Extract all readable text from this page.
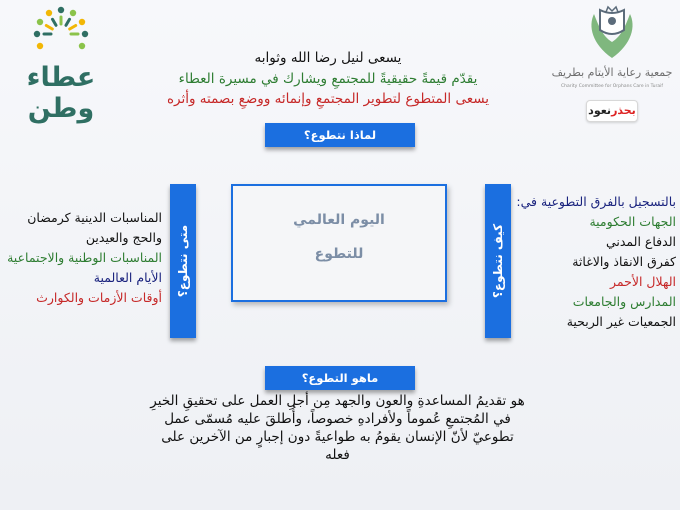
عطاء وطن
جمعية رعاية الأيتام بطريف
Charity Committee for Orphans Care in Turaif
بحذرنعود
يسعى لنيل رضا الله وثوابه
يقدّم قيمةً حقيقيةً للمجتمعِ ويشارك في مسيرة العطاء
يسعى المتطوع لتطوير المجتمعِ وإنمائه ووضعِ بصمته وأثره
لماذا نتطوع؟
ماهو التطوع؟
متى نتطوع؟	كيف نتطوع؟
اليوم العالمي
للتطوع
المناسبات الدينية كرمضان
والحج والعيدين
المناسبات الوطنية والاجتماعية
الأيام العالمية
أوقات الأزمات والكوارث
بالتسجيل بالفرق التطوعية في:
الجهات الحكومية
الدفاع المدني
كفرق الانقاذ والاغاثة
الهلال الأحمر
المدارس والجامعات
الجمعيات غير الربحية
هو تقديمُ المساعدةِ والعون والجهد مِن أجلِ العمل على تحقيقِ الخيرِ في المُجتمعِ عُموماً ولأفرادهِ خصوصاً، وأُطلقَ عليه مُسمّى عمل تطوعيّ لأنّ الإنسان يقومُ به طواعيةً دون إجبارٍ من الآخرين على فعله
